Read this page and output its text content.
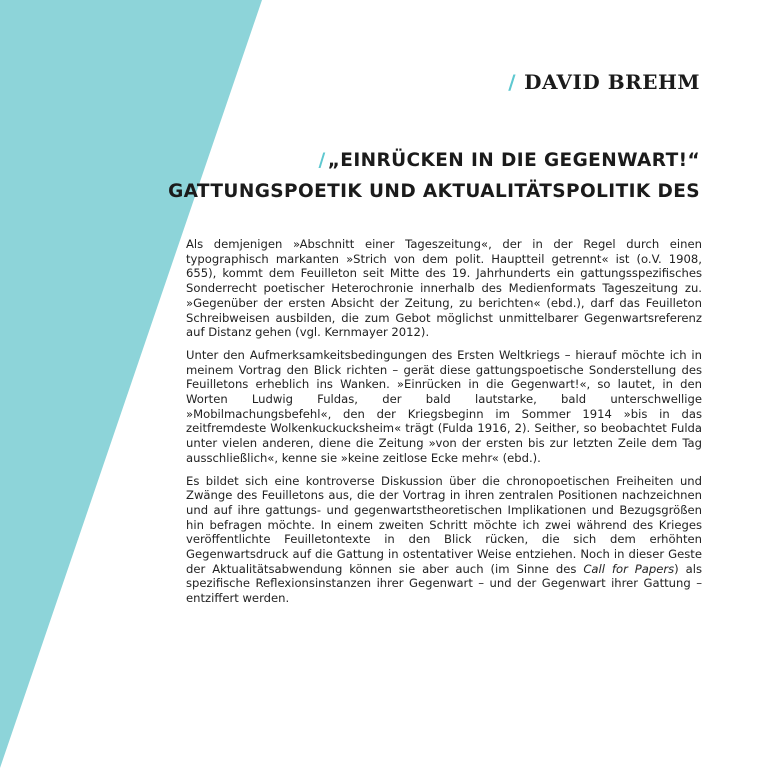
/ DAVID BREHM
/ „EINRÜCKEN IN DIE GEGENWART!“
GATTUNGSPOETIK UND AKTUALITÄTSPOLITIK DES

Als demjenigen »Abschnitt einer Tageszeitung«, der in der Regel durch einen typographisch markanten »Strich von dem polit. Hauptteil getrennt« ist (o.V. 1908, 655), kommt dem Feuilleton seit Mitte des 19. Jahrhunderts ein gattungsspezifisches Sonderrecht poetischer Heterochronie innerhalb des Medienformats Tageszeitung zu. »Gegenüber der ersten Absicht der Zeitung, zu berichten« (ebd.), darf das Feuilleton Schreibweisen ausbilden, die zum Gebot möglichst unmittelbarer Gegenwartsreferenz auf Distanz gehen (vgl. Kernmayer 2012).

Unter den Aufmerksamkeitsbedingungen des Ersten Weltkriegs – hierauf möchte ich in meinem Vortrag den Blick richten – gerät diese gattungspoetische Sonderstellung des Feuilletons erheblich ins Wanken. »Einrücken in die Gegenwart!«, so lautet, in den Worten Ludwig Fuldas, der bald lautstarke, bald unterschwellige »Mobilmachungsbefehl«, den der Kriegsbeginn im Sommer 1914 »bis in das zeitfremdeste Wolkenkuckucksheim« trägt (Fulda 1916, 2). Seither, so beobachtet Fulda unter vielen anderen, diene die Zeitung »von der ersten bis zur letzten Zeile dem Tag ausschließlich«, kenne sie »keine zeitlose Ecke mehr« (ebd.).

Es bildet sich eine kontroverse Diskussion über die chronopoetischen Freiheiten und Zwänge des Feuilletons aus, die der Vortrag in ihren zentralen Positionen nachzeichnen und auf ihre gattungs- und gegenwartstheoretischen Implikationen und Bezugsgrößen hin befragen möchte. In einem zweiten Schritt möchte ich zwei während des Krieges veröffentlichte Feuilletontexte in den Blick rücken, die sich dem erhöhten Gegenwartsdruck auf die Gattung in ostentativer Weise entziehen. Noch in dieser Geste der Aktualitätsabwendung können sie aber auch (im Sinne des Call for Papers) als spezifische Reflexionsinstanzen ihrer Gegenwart – und der Gegenwart ihrer Gattung – entziffert werden.
